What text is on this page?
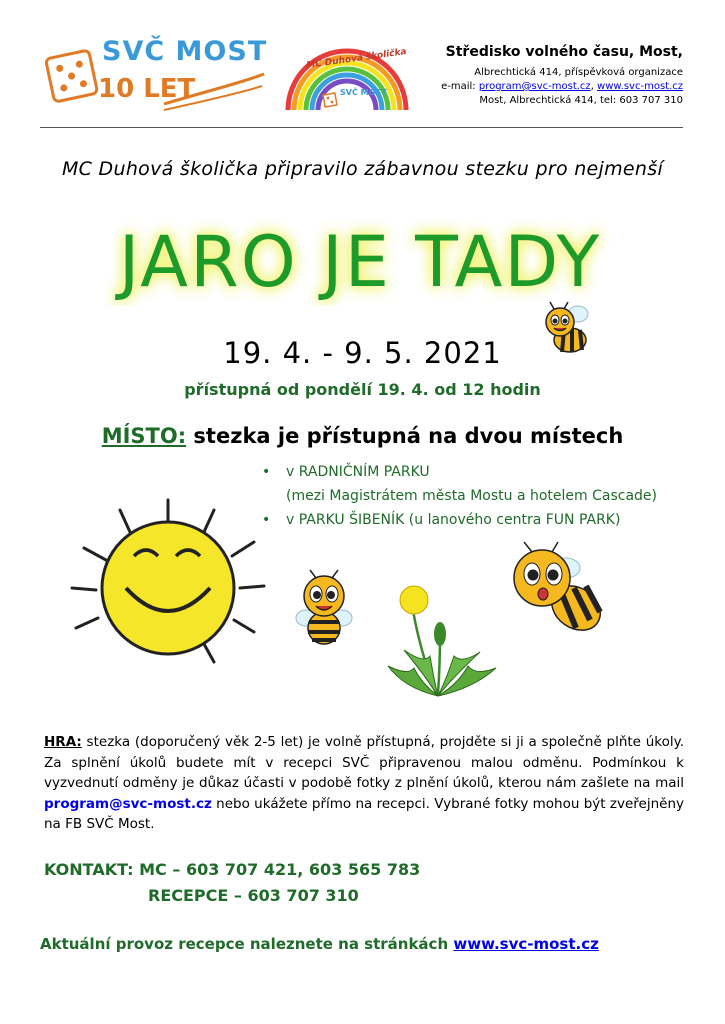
SVČ MOST
10 LET
MC Duhová školička
SVČ MOST
Středisko volného času, Most,
Albrechtická 414, příspěvková organizace
e-mail: program@svc-most.cz, www.svc-most.cz
Most, Albrechtická 414, tel: 603 707 310
MC Duhová školička připravilo zábavnou stezku pro nejmenší
JARO JE TADY
19. 4. - 9. 5. 2021
přístupná od pondělí 19. 4. od 12 hodin
MÍSTO: stezka je přístupná na dvou místech
• v RADNIČNÍM PARKU
(mezi Magistrátem města Mostu a hotelem Cascade)
• v PARKU ŠIBENÍK (u lanového centra FUN PARK)
HRA: stezka (doporučený věk 2-5 let) je volně přístupná, projděte si ji a společně plňte úkoly. Za splnění úkolů budete mít v recepci SVČ připravenou malou odměnu. Podmínkou k vyzvednutí odměny je důkaz účasti v podobě fotky z plnění úkolů, kterou nám zašlete na mail program@svc-most.cz nebo ukážete přímo na recepci. Vybrané fotky mohou být zveřejněny na FB SVČ Most.
KONTAKT: MC – 603 707 421, 603 565 783
RECEPCE – 603 707 310
Aktuální provoz recepce naleznete na stránkách www.svc-most.cz
